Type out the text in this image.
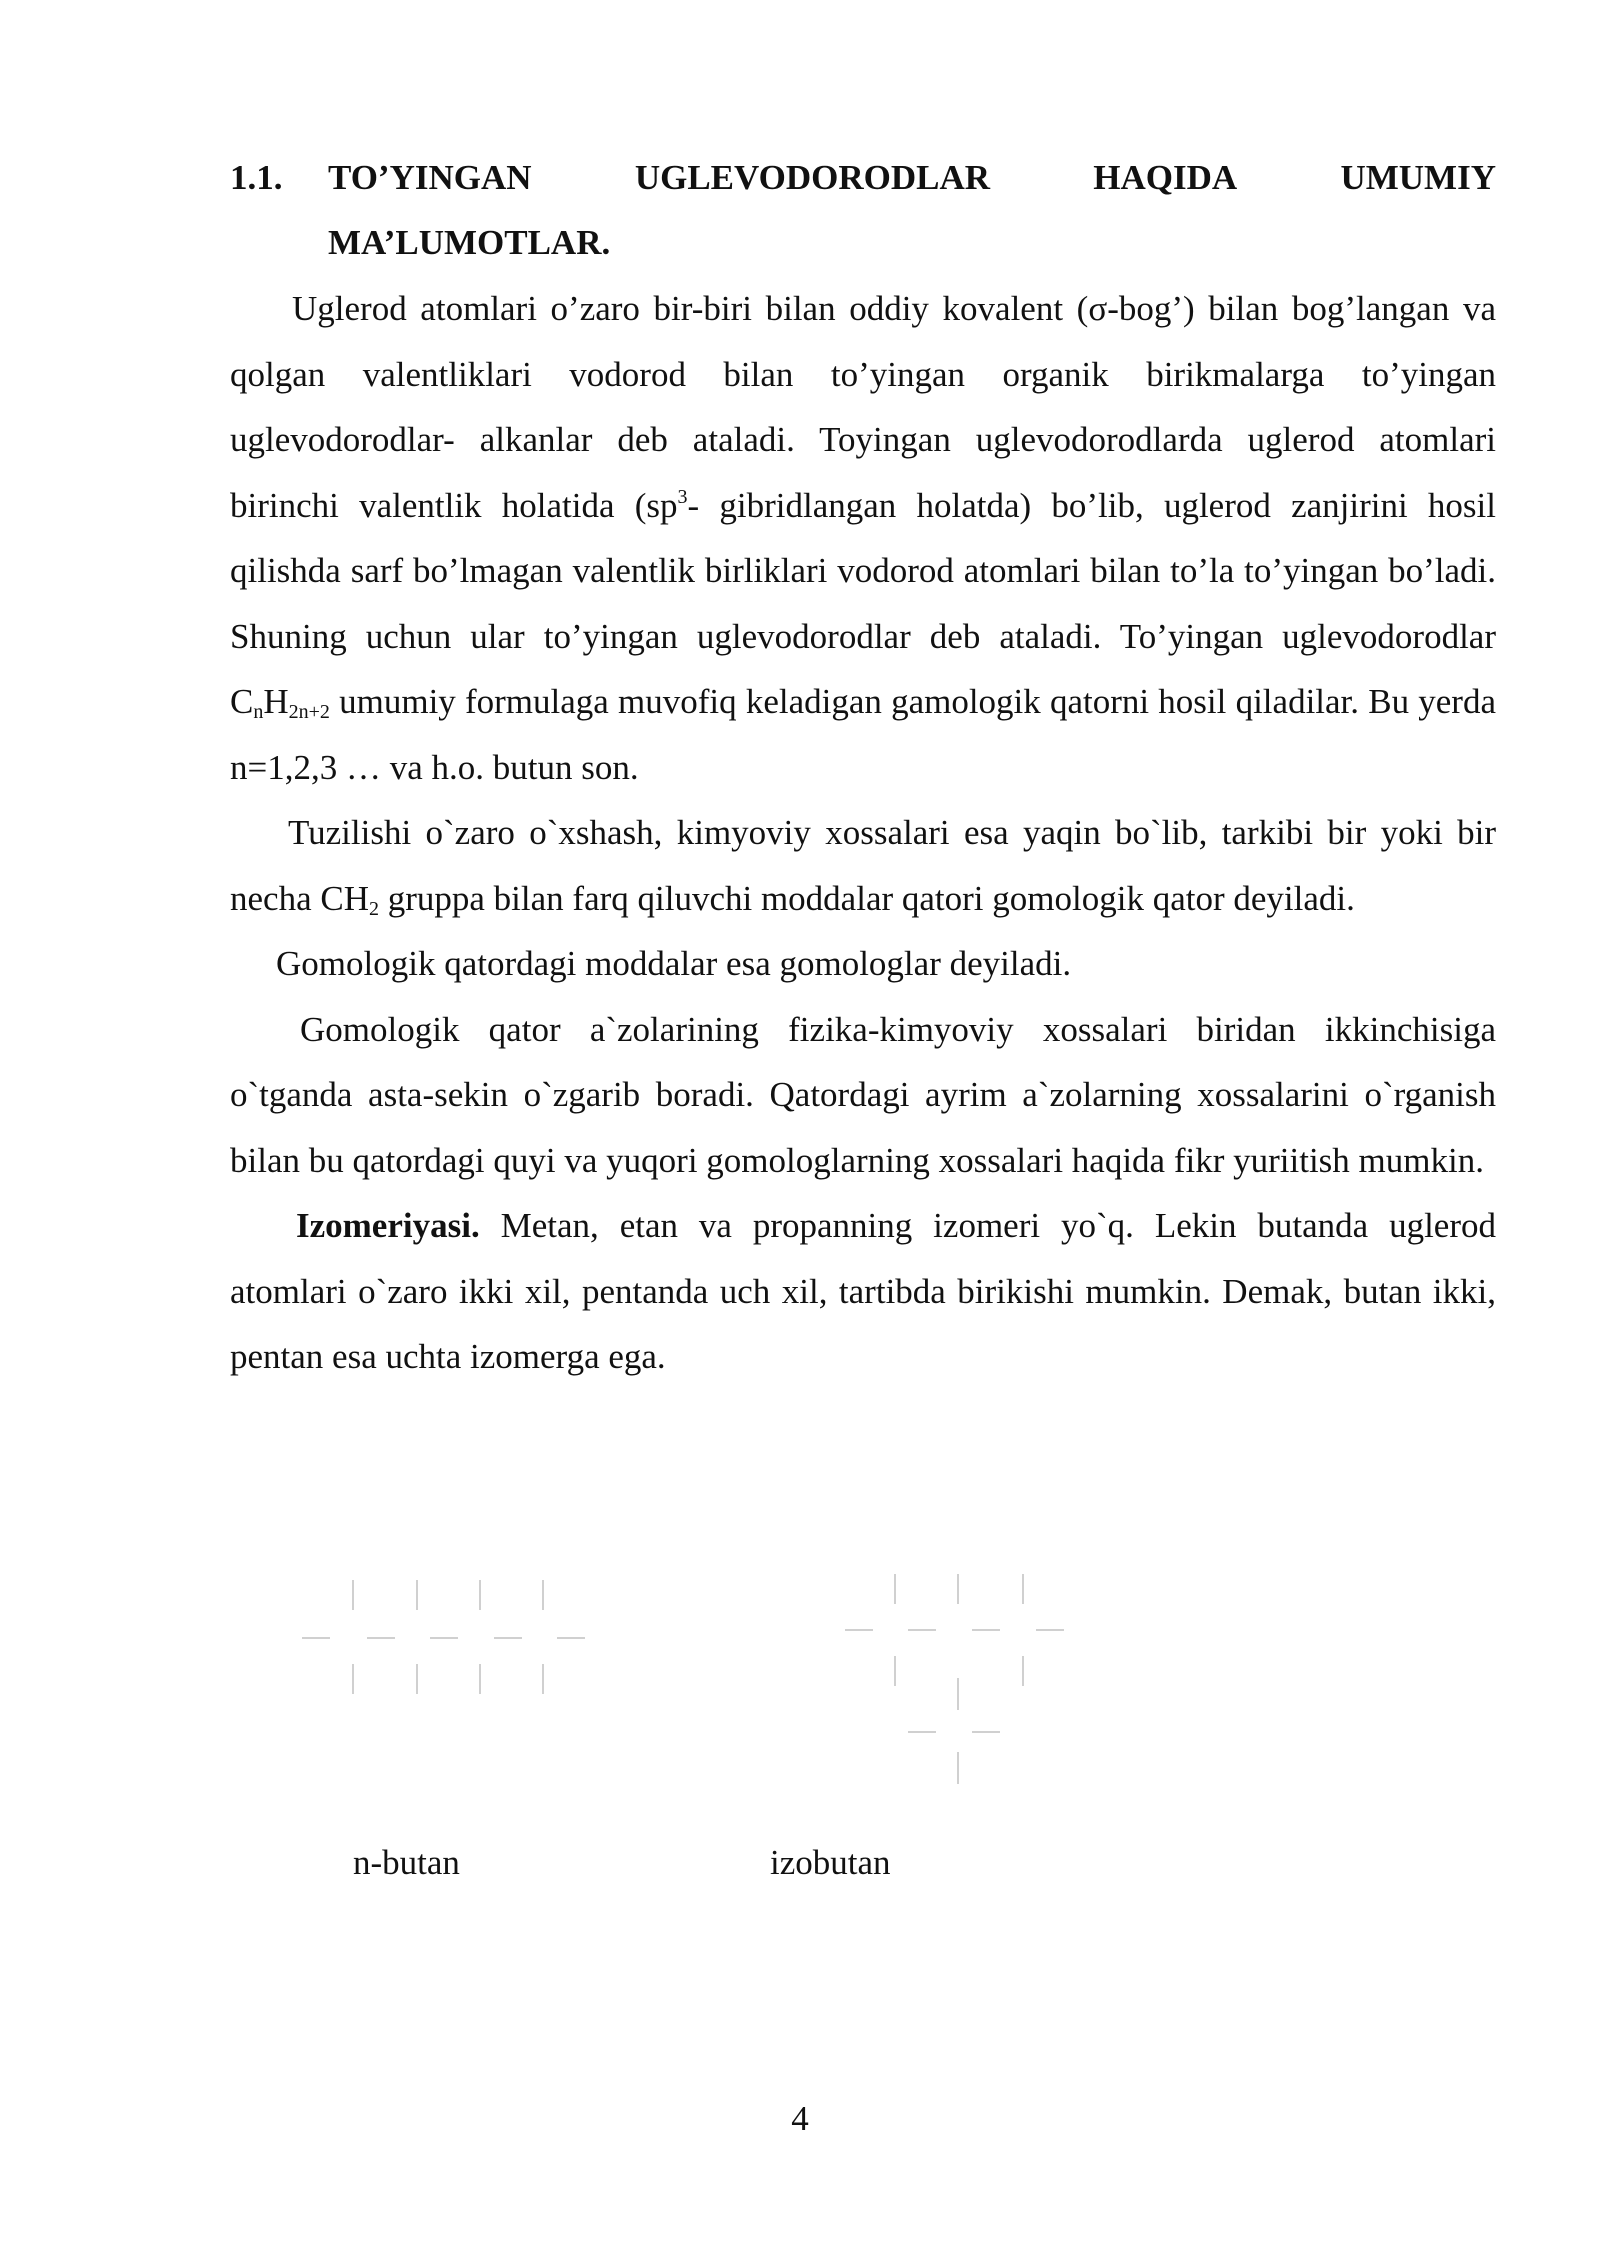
1.1.	TO’YINGAN	UGLEVODORODLAR	HAQIDA	UMUMIY
MA’LUMOTLAR.

Uglerod atomlari o’zaro bir-biri bilan oddiy kovalent (σ-bog’) bilan bog’langan va qolgan valentliklari vodorod bilan to’yingan organik birikmalarga to’yingan uglevodorodlar- alkanlar deb ataladi. Toyingan uglevodorodlarda uglerod atomlari birinchi valentlik holatida ($sp^3-$ gibridlangan holatda) bo’lib, uglerod zanjirini hosil qilishda sarf bo’lmagan valentlik birliklari vodorod atomlari bilan to’la to’yingan bo’ladi. Shuning uchun ular to’yingan uglevodorodlar deb ataladi. To’yingan uglevodorodlar $C_nH_{2n+2}$ umumiy formulaga muvofiq keladigan gamologik qatorni hosil qiladilar. Bu yerda n=1,2,3 … va h.o. butun son.

Tuzilishi o`zaro o`xshash, kimyoviy xossalari esa yaqin bo`lib, tarkibi bir yoki bir necha $CH_2$ gruppa bilan farq qiluvchi moddalar qatori gomologik qator deyiladi.

Gomologik qatordagi moddalar esa gomologlar deyiladi.

Gomologik qator a`zolarining fizika-kimyoviy xossalari biridan ikkinchisiga o`tganda asta-sekin o`zgarib boradi. Qatordagi ayrim a`zolarning xossalarini o`rganish bilan bu qatordagi quyi va yuqori gomologlarning xossalari haqida fikr yuriitish mumkin.

Izomeriyasi. Metan, etan va propanning izomeri yo`q. Lekin butanda uglerod atomlari o`zaro ikki xil, pentanda uch xil, tartibda birikishi mumkin. Demak, butan ikki, pentan esa uchta izomerga ega.

n-butan	izobutan
4
